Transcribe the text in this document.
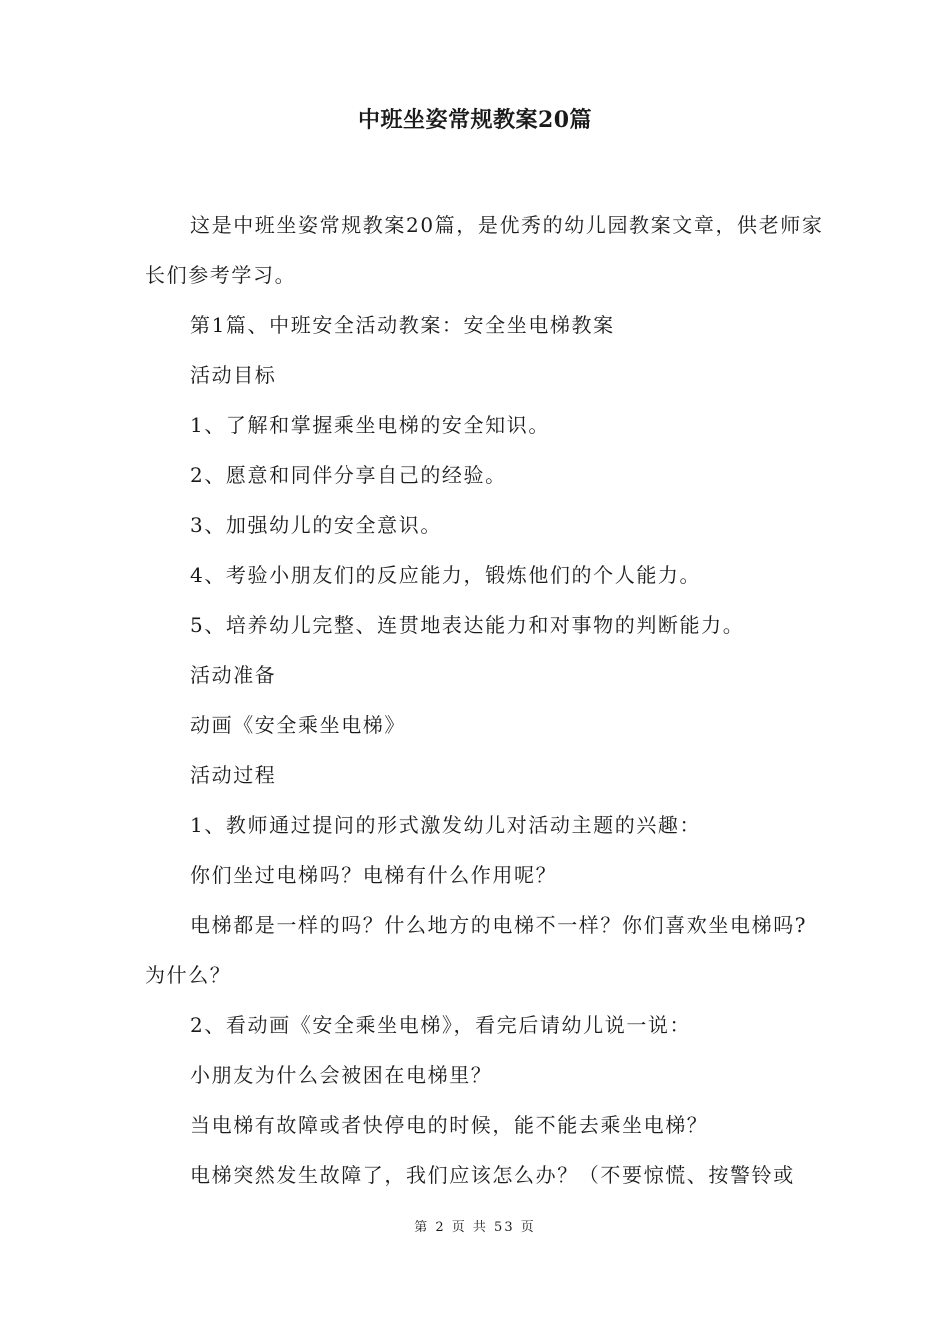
中班坐姿常规教案20篇

这是中班坐姿常规教案20篇，是优秀的幼儿园教案文章，供老师家长们参考学习。

第1篇、中班安全活动教案：安全坐电梯教案

活动目标

1、了解和掌握乘坐电梯的安全知识。

2、愿意和同伴分享自己的经验。

3、加强幼儿的安全意识。

4、考验小朋友们的反应能力，锻炼他们的个人能力。

5、培养幼儿完整、连贯地表达能力和对事物的判断能力。

活动准备

动画《安全乘坐电梯》

活动过程

1、教师通过提问的形式激发幼儿对活动主题的兴趣：

你们坐过电梯吗？电梯有什么作用呢？

电梯都是一样的吗？什么地方的电梯不一样？你们喜欢坐电梯吗?为什么？

2、看动画《安全乘坐电梯》，看完后请幼儿说一说：

小朋友为什么会被困在电梯里？

当电梯有故障或者快停电的时候，能不能去乘坐电梯？

电梯突然发生故障了，我们应该怎么办？（不要惊慌、按警铃或

第 2 页 共 53 页
